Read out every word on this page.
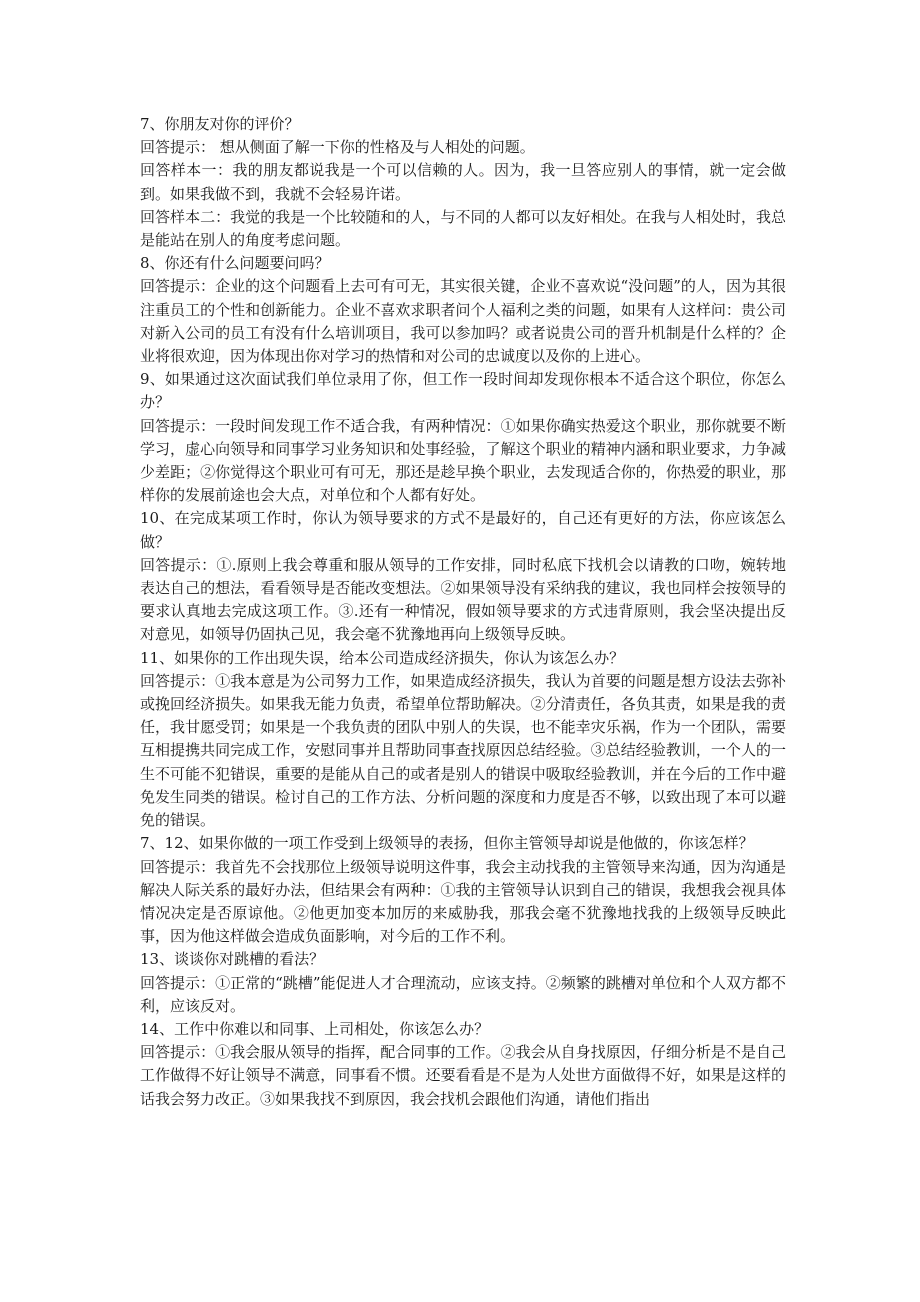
7、你朋友对你的评价？

回答提示： 想从侧面了解一下你的性格及与人相处的问题。

回答样本一：我的朋友都说我是一个可以信赖的人。因为，我一旦答应别人的事情，就一定会做到。如果我做不到，我就不会轻易许诺。

回答样本二：我觉的我是一个比较随和的人，与不同的人都可以友好相处。在我与人相处时，我总是能站在别人的角度考虑问题。

8、你还有什么问题要问吗？

回答提示：企业的这个问题看上去可有可无，其实很关键，企业不喜欢说“没问题”的人，因为其很注重员工的个性和创新能力。企业不喜欢求职者问个人福利之类的问题，如果有人这样问：贵公司对新入公司的员工有没有什么培训项目，我可以参加吗？或者说贵公司的晋升机制是什么样的？企业将很欢迎，因为体现出你对学习的热情和对公司的忠诚度以及你的上进心。

9、如果通过这次面试我们单位录用了你，但工作一段时间却发现你根本不适合这个职位，你怎么办？

回答提示：一段时间发现工作不适合我，有两种情况：①如果你确实热爱这个职业，那你就要不断学习，虚心向领导和同事学习业务知识和处事经验，了解这个职业的精神内涵和职业要求，力争减少差距；②你觉得这个职业可有可无，那还是趁早换个职业，去发现适合你的，你热爱的职业，那样你的发展前途也会大点，对单位和个人都有好处。

10、在完成某项工作时，你认为领导要求的方式不是最好的，自己还有更好的方法，你应该怎么做？

回答提示：①.原则上我会尊重和服从领导的工作安排，同时私底下找机会以请教的口吻，婉转地表达自己的想法，看看领导是否能改变想法。②如果领导没有采纳我的建议，我也同样会按领导的要求认真地去完成这项工作。③.还有一种情况，假如领导要求的方式违背原则，我会坚决提出反对意见，如领导仍固执己见，我会毫不犹豫地再向上级领导反映。

11、如果你的工作出现失误，给本公司造成经济损失，你认为该怎么办？

回答提示：①我本意是为公司努力工作，如果造成经济损失，我认为首要的问题是想方设法去弥补或挽回经济损失。如果我无能力负责，希望单位帮助解决。②分清责任，各负其责，如果是我的责任，我甘愿受罚；如果是一个我负责的团队中别人的失误，也不能幸灾乐祸，作为一个团队，需要互相提携共同完成工作，安慰同事并且帮助同事查找原因总结经验。③总结经验教训，一个人的一生不可能不犯错误，重要的是能从自己的或者是别人的错误中吸取经验教训，并在今后的工作中避免发生同类的错误。检讨自己的工作方法、分析问题的深度和力度是否不够，以致出现了本可以避免的错误。

7、12、如果你做的一项工作受到上级领导的表扬，但你主管领导却说是他做的，你该怎样？

回答提示：我首先不会找那位上级领导说明这件事，我会主动找我的主管领导来沟通，因为沟通是解决人际关系的最好办法，但结果会有两种：①我的主管领导认识到自己的错误，我想我会视具体情况决定是否原谅他。②他更加变本加厉的来威胁我，那我会毫不犹豫地找我的上级领导反映此事，因为他这样做会造成负面影响，对今后的工作不利。

13、谈谈你对跳槽的看法？

回答提示：①正常的“跳槽”能促进人才合理流动，应该支持。②频繁的跳槽对单位和个人双方都不利，应该反对。

14、工作中你难以和同事、上司相处，你该怎么办？

回答提示：①我会服从领导的指挥，配合同事的工作。②我会从自身找原因，仔细分析是不是自己工作做得不好让领导不满意，同事看不惯。还要看看是不是为人处世方面做得不好，如果是这样的话我会努力改正。③如果我找不到原因，我会找机会跟他们沟通，请他们指出
